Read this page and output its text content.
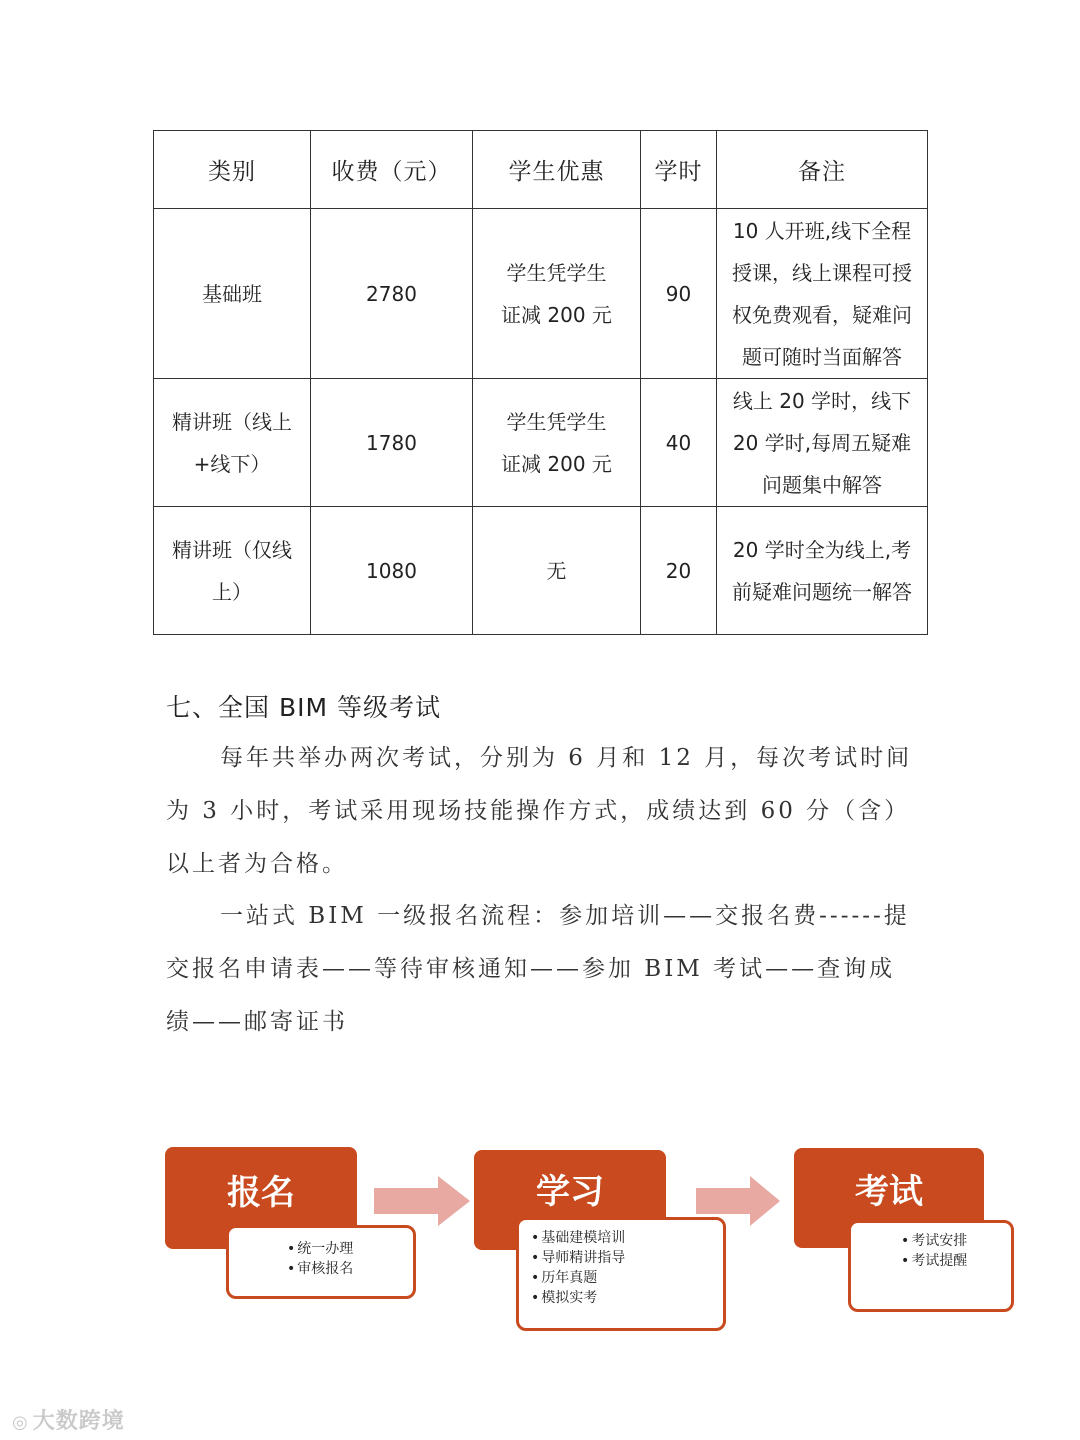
类别	收费（元）	学生优惠	学时	备注
基础班	2780	学生凭学生证减 200 元	90	10 人开班,线下全程授课，线上课程可授权免费观看，疑难问题可随时当面解答
精讲班（线上+线下）	1780	学生凭学生证减 200 元	40	线上 20 学时，线下 20 学时,每周五疑难问题集中解答
精讲班（仅线上）	1080	无	20	20 学时全为线上,考前疑难问题统一解答
七、全国 BIM 等级考试

每年共举办两次考试，分别为 6 月和 12 月，每次考试时间为 3 小时，考试采用现场技能操作方式，成绩达到 60 分（含）以上者为合格。

一站式 BIM 一级报名流程：参加培训——交报名费------提交报名申请表——等待审核通知——参加 BIM 考试——查询成绩——邮寄证书

报名
• 统一办理
• 审核报名
学习
• 基础建模培训
• 导师精讲指导
• 历年真题
• 模拟实考
考试
• 考试安排
• 考试提醒
◎ 大数跨境
